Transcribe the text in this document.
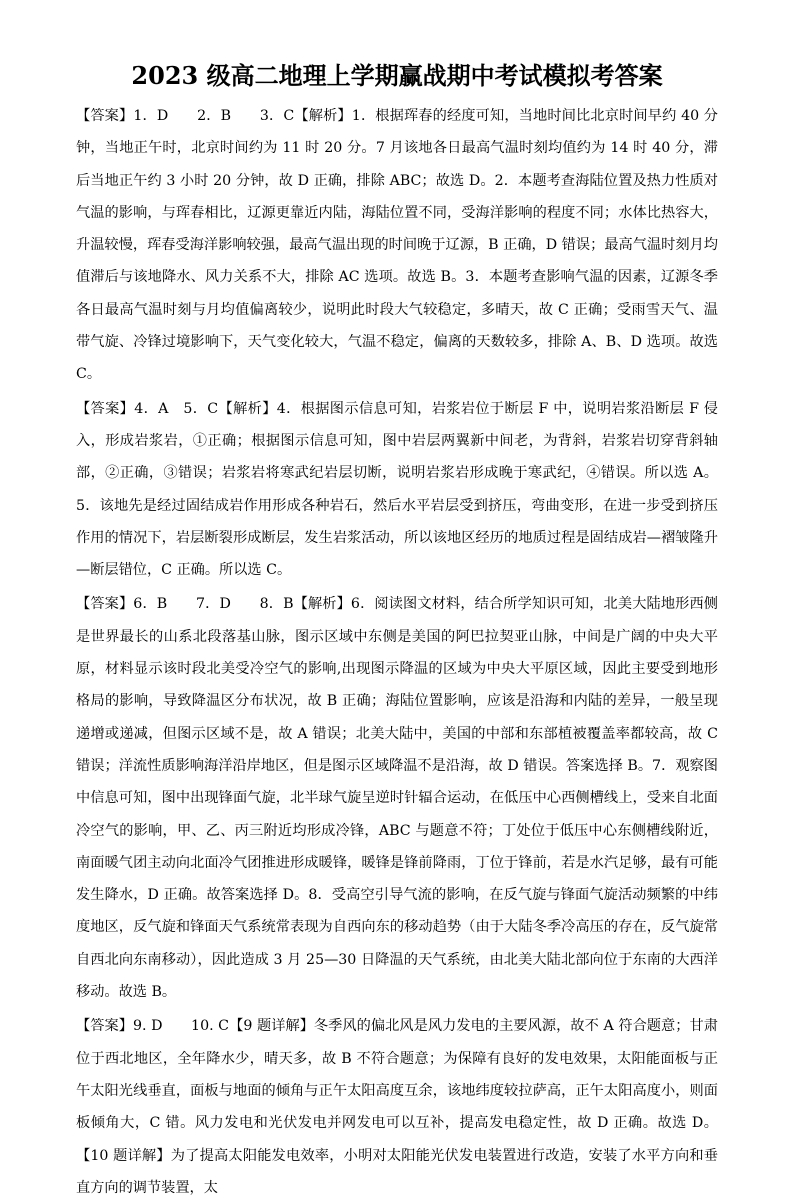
2023 级高二地理上学期赢战期中考试模拟考答案

【答案】1．D　　2．B　　3．C【解析】1．根据珲春的经度可知，当地时间比北京时间早约 40 分钟，当地正午时，北京时间约为 11 时 20 分。7 月该地各日最高气温时刻均值约为 14 时 40 分，滞后当地正午约 3 小时 20 分钟，故 D 正确，排除 ABC；故选 D。2．本题考查海陆位置及热力性质对气温的影响，与珲春相比，辽源更靠近内陆，海陆位置不同，受海洋影响的程度不同；水体比热容大，升温较慢，珲春受海洋影响较强，最高气温出现的时间晚于辽源，B 正确，D 错误；最高气温时刻月均值滞后与该地降水、风力关系不大，排除 AC 选项。故选 B。3．本题考查影响气温的因素，辽源冬季各日最高气温时刻与月均值偏离较少，说明此时段大气较稳定，多晴天，故 C 正确；受雨雪天气、温带气旋、冷锋过境影响下，天气变化较大，气温不稳定，偏离的天数较多，排除 A、B、D 选项。故选 C。

【答案】4．A　5．C【解析】4．根据图示信息可知，岩浆岩位于断层 F 中，说明岩浆沿断层 F 侵入，形成岩浆岩，①正确；根据图示信息可知，图中岩层两翼新中间老，为背斜，岩浆岩切穿背斜轴部，②正确，③错误；岩浆岩将寒武纪岩层切断，说明岩浆岩形成晚于寒武纪，④错误。所以选 A。5．该地先是经过固结成岩作用形成各种岩石，然后水平岩层受到挤压，弯曲变形，在进一步受到挤压作用的情况下，岩层断裂形成断层，发生岩浆活动，所以该地区经历的地质过程是固结成岩—褶皱隆升—断层错位，C 正确。所以选 C。

【答案】6．B　　7．D　　8．B【解析】6．阅读图文材料，结合所学知识可知，北美大陆地形西侧是世界最长的山系北段落基山脉，图示区域中东侧是美国的阿巴拉契亚山脉，中间是广阔的中央大平原，材料显示该时段北美受冷空气的影响,出现图示降温的区域为中央大平原区域，因此主要受到地形格局的影响，导致降温区分布状况，故 B 正确；海陆位置影响，应该是沿海和内陆的差异，一般呈现递增或递减，但图示区域不是，故 A 错误；北美大陆中，美国的中部和东部植被覆盖率都较高，故 C 错误；洋流性质影响海洋沿岸地区，但是图示区域降温不是沿海，故 D 错误。答案选择 B。7．观察图中信息可知，图中出现锋面气旋，北半球气旋呈逆时针辐合运动，在低压中心西侧槽线上，受来自北面冷空气的影响，甲、乙、丙三附近均形成冷锋，ABC 与题意不符；丁处位于低压中心东侧槽线附近，南面暖气团主动向北面冷气团推进形成暖锋，暖锋是锋前降雨，丁位于锋前，若是水汽足够，最有可能发生降水，D 正确。故答案选择 D。8．受高空引导气流的影响，在反气旋与锋面气旋活动频繁的中纬度地区，反气旋和锋面天气系统常表现为自西向东的移动趋势（由于大陆冬季冷高压的存在，反气旋常自西北向东南移动），因此造成 3 月 25—30 日降温的天气系统，由北美大陆北部向位于东南的大西洋移动。故选 B。

【答案】9. D　　10. C【9 题详解】冬季风的偏北风是风力发电的主要风源，故不 A 符合题意；甘肃位于西北地区，全年降水少，晴天多，故 B 不符合题意；为保障有良好的发电效果，太阳能面板与正午太阳光线垂直，面板与地面的倾角与正午太阳高度互余，该地纬度较拉萨高，正午太阳高度小，则面板倾角大，C 错。风力发电和光伏发电并网发电可以互补，提高发电稳定性，故 D 正确。故选 D。【10 题详解】为了提高太阳能发电效率，小明对太阳能光伏发电装置进行改造，安装了水平方向和垂直方向的调节装置，太
